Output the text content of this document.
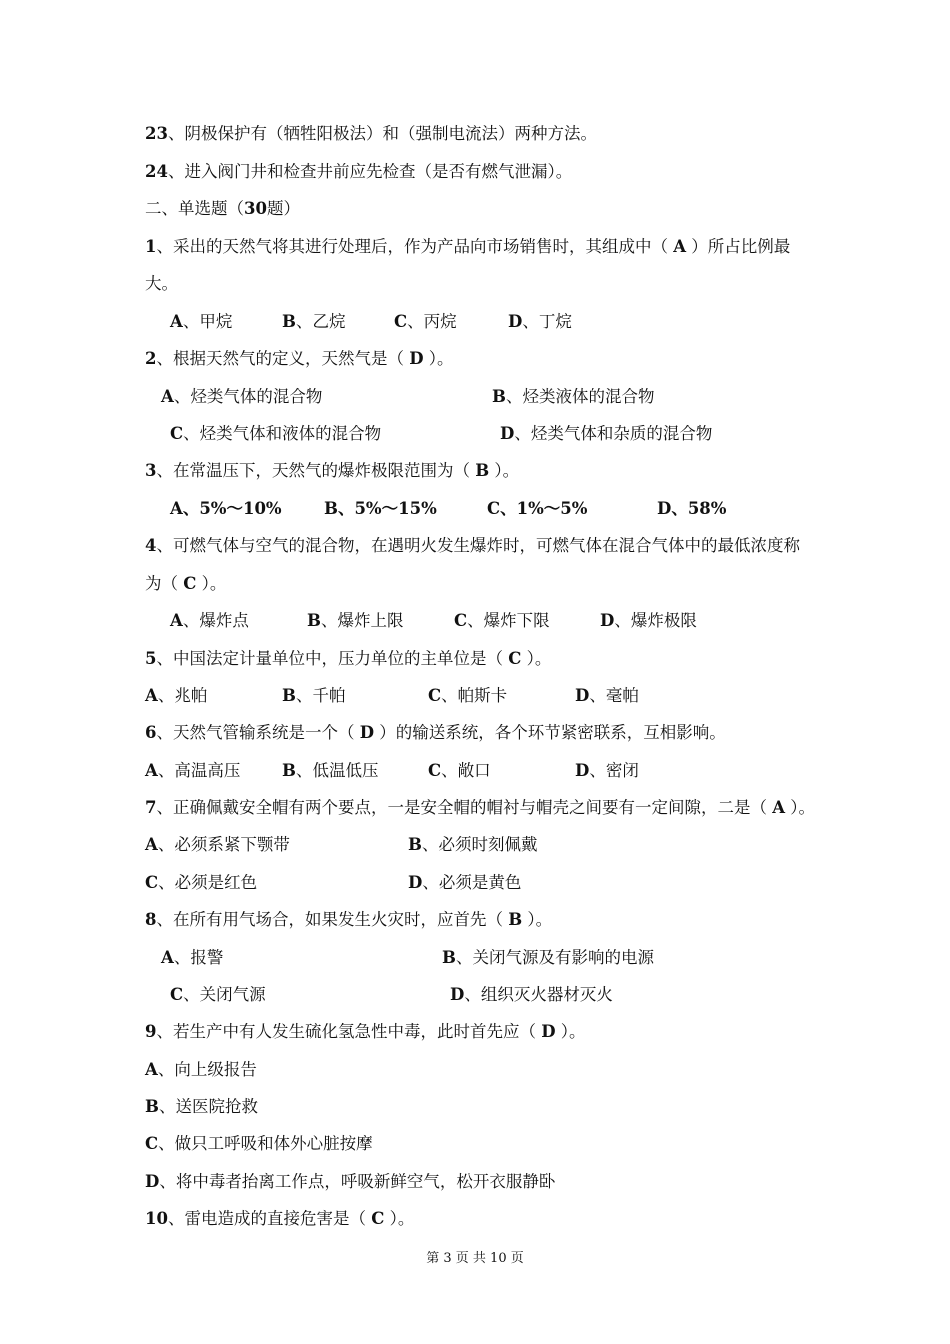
23、阴极保护有（牺牲阳极法）和（强制电流法）两种方法。
24、进入阀门井和检查井前应先检查（是否有燃气泄漏）。
二、单选题（30题）
1、采出的天然气将其进行处理后，作为产品向市场销售时，其组成中（ A ）所占比例最
大。
A、甲烷	B、乙烷	C、丙烷	D、丁烷
2、根据天然气的定义，天然气是（ D ）。
A、烃类气体的混合物	B、烃类液体的混合物
C、烃类气体和液体的混合物	D、烃类气体和杂质的混合物
3、在常温压下，天然气的爆炸极限范围为（ B ）。
A、5%～10%	B、5%～15%	C、1%～5%	D、58%
4、可燃气体与空气的混合物，在遇明火发生爆炸时，可燃气体在混合气体中的最低浓度称
为（ C ）。
A、爆炸点	B、爆炸上限	C、爆炸下限	D、爆炸极限
5、中国法定计量单位中，压力单位的主单位是（ C ）。
A、兆帕	B、千帕	C、帕斯卡	D、毫帕
6、天然气管输系统是一个（ D ）的输送系统，各个环节紧密联系，互相影响。
A、高温高压	B、低温低压	C、敞口	D、密闭
7、正确佩戴安全帽有两个要点，一是安全帽的帽衬与帽壳之间要有一定间隙，二是（ A ）。
A、必须系紧下颚带	B、必须时刻佩戴
C、必须是红色	D、必须是黄色
8、在所有用气场合，如果发生火灾时，应首先（ B ）。
A、报警	B、关闭气源及有影响的电源
C、关闭气源	D、组织灭火器材灭火
9、若生产中有人发生硫化氢急性中毒，此时首先应（ D ）。
A、向上级报告
B、送医院抢救
C、做只工呼吸和体外心脏按摩
D、将中毒者抬离工作点，呼吸新鲜空气，松开衣服静卧
10、雷电造成的直接危害是（ C ）。
第 3 页 共 10 页
